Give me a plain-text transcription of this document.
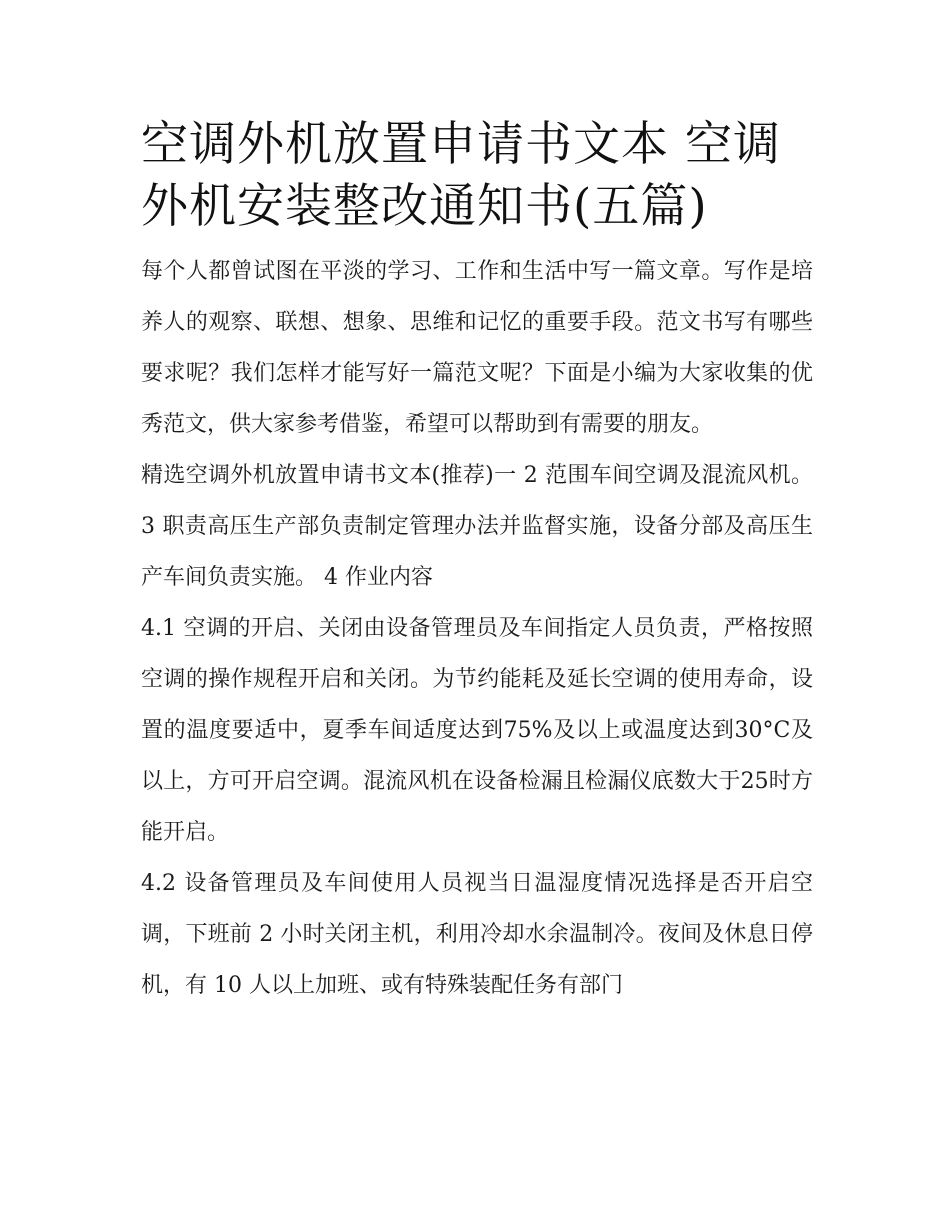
空调外机放置申请书文本 空调外机安装整改通知书(五篇)

每个人都曾试图在平淡的学习、工作和生活中写一篇文章。写作是培养人的观察、联想、想象、思维和记忆的重要手段。范文书写有哪些要求呢？我们怎样才能写好一篇范文呢？下面是小编为大家收集的优秀范文，供大家参考借鉴，希望可以帮助到有需要的朋友。

精选空调外机放置申请书文本(推荐)一 2 范围车间空调及混流风机。 3 职责高压生产部负责制定管理办法并监督实施，设备分部及高压生产车间负责实施。 4 作业内容

4.1 空调的开启、关闭由设备管理员及车间指定人员负责，严格按照空调的操作规程开启和关闭。为节约能耗及延长空调的使用寿命，设置的温度要适中，夏季车间适度达到75%及以上或温度达到30°C及以上，方可开启空调。混流风机在设备检漏且检漏仪底数大于25时方能开启。

4.2 设备管理员及车间使用人员视当日温湿度情况选择是否开启空调，下班前 2 小时关闭主机，利用冷却水余温制冷。夜间及休息日停机，有 10 人以上加班、或有特殊装配任务有部门
